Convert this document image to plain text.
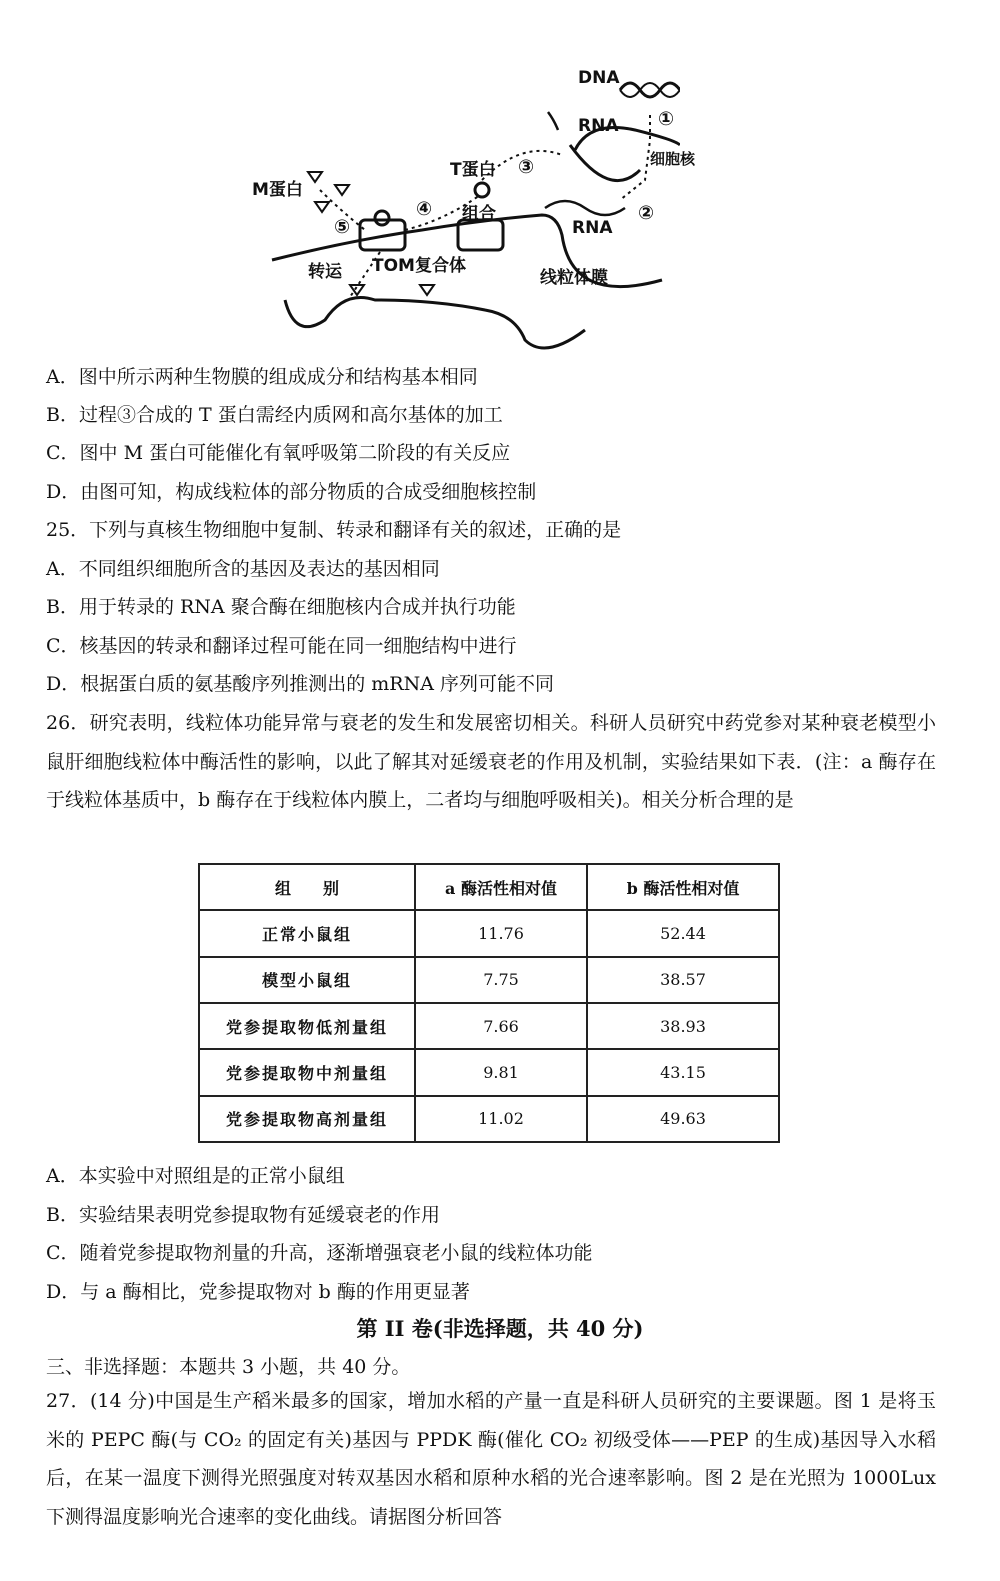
DNA
RNA ①
细胞核
T蛋白 ③
M蛋白
④
⑤
组合	②
RNA
转运 TOM复合体
线粒体膜
A．图中所示两种生物膜的组成成分和结构基本相同
B．过程③合成的 T 蛋白需经内质网和高尔基体的加工
C．图中 M 蛋白可能催化有氧呼吸第二阶段的有关反应
D．由图可知，构成线粒体的部分物质的合成受细胞核控制
25．下列与真核生物细胞中复制、转录和翻译有关的叙述，正确的是
A．不同组织细胞所含的基因及表达的基因相同
B．用于转录的 RNA 聚合酶在细胞核内合成并执行功能
C．核基因的转录和翻译过程可能在同一细胞结构中进行
D．根据蛋白质的氨基酸序列推测出的 mRNA 序列可能不同
26．研究表明，线粒体功能异常与衰老的发生和发展密切相关。科研人员研究中药党参对某种衰老模型小鼠肝细胞线粒体中酶活性的影响，以此了解其对延缓衰老的作用及机制，实验结果如下表．(注：a 酶存在于线粒体基质中，b 酶存在于线粒体内膜上，二者均与细胞呼吸相关)。相关分析合理的是
组　　别	a 酶活性相对值	b 酶活性相对值
正常小鼠组	11.76	52.44
模型小鼠组	7.75	38.57
党参提取物低剂量组	7.66	38.93
党参提取物中剂量组	9.81	43.15
党参提取物高剂量组	11.02	49.63
A．本实验中对照组是的正常小鼠组
B．实验结果表明党参提取物有延缓衰老的作用
C．随着党参提取物剂量的升高，逐渐增强衰老小鼠的线粒体功能
D．与 a 酶相比，党参提取物对 b 酶的作用更显著
第 II 卷(非选择题，共 40 分)
三、非选择题：本题共 3 小题，共 40 分。
27．(14 分)中国是生产稻米最多的国家，增加水稻的产量一直是科研人员研究的主要课题。图 1 是将玉米的 PEPC 酶(与 CO₂ 的固定有关)基因与 PPDK 酶(催化 CO₂ 初级受体——PEP 的生成)基因导入水稻后，在某一温度下测得光照强度对转双基因水稻和原种水稻的光合速率影响。图 2 是在光照为 1000Lux 下测得温度影响光合速率的变化曲线。请据图分析回答
